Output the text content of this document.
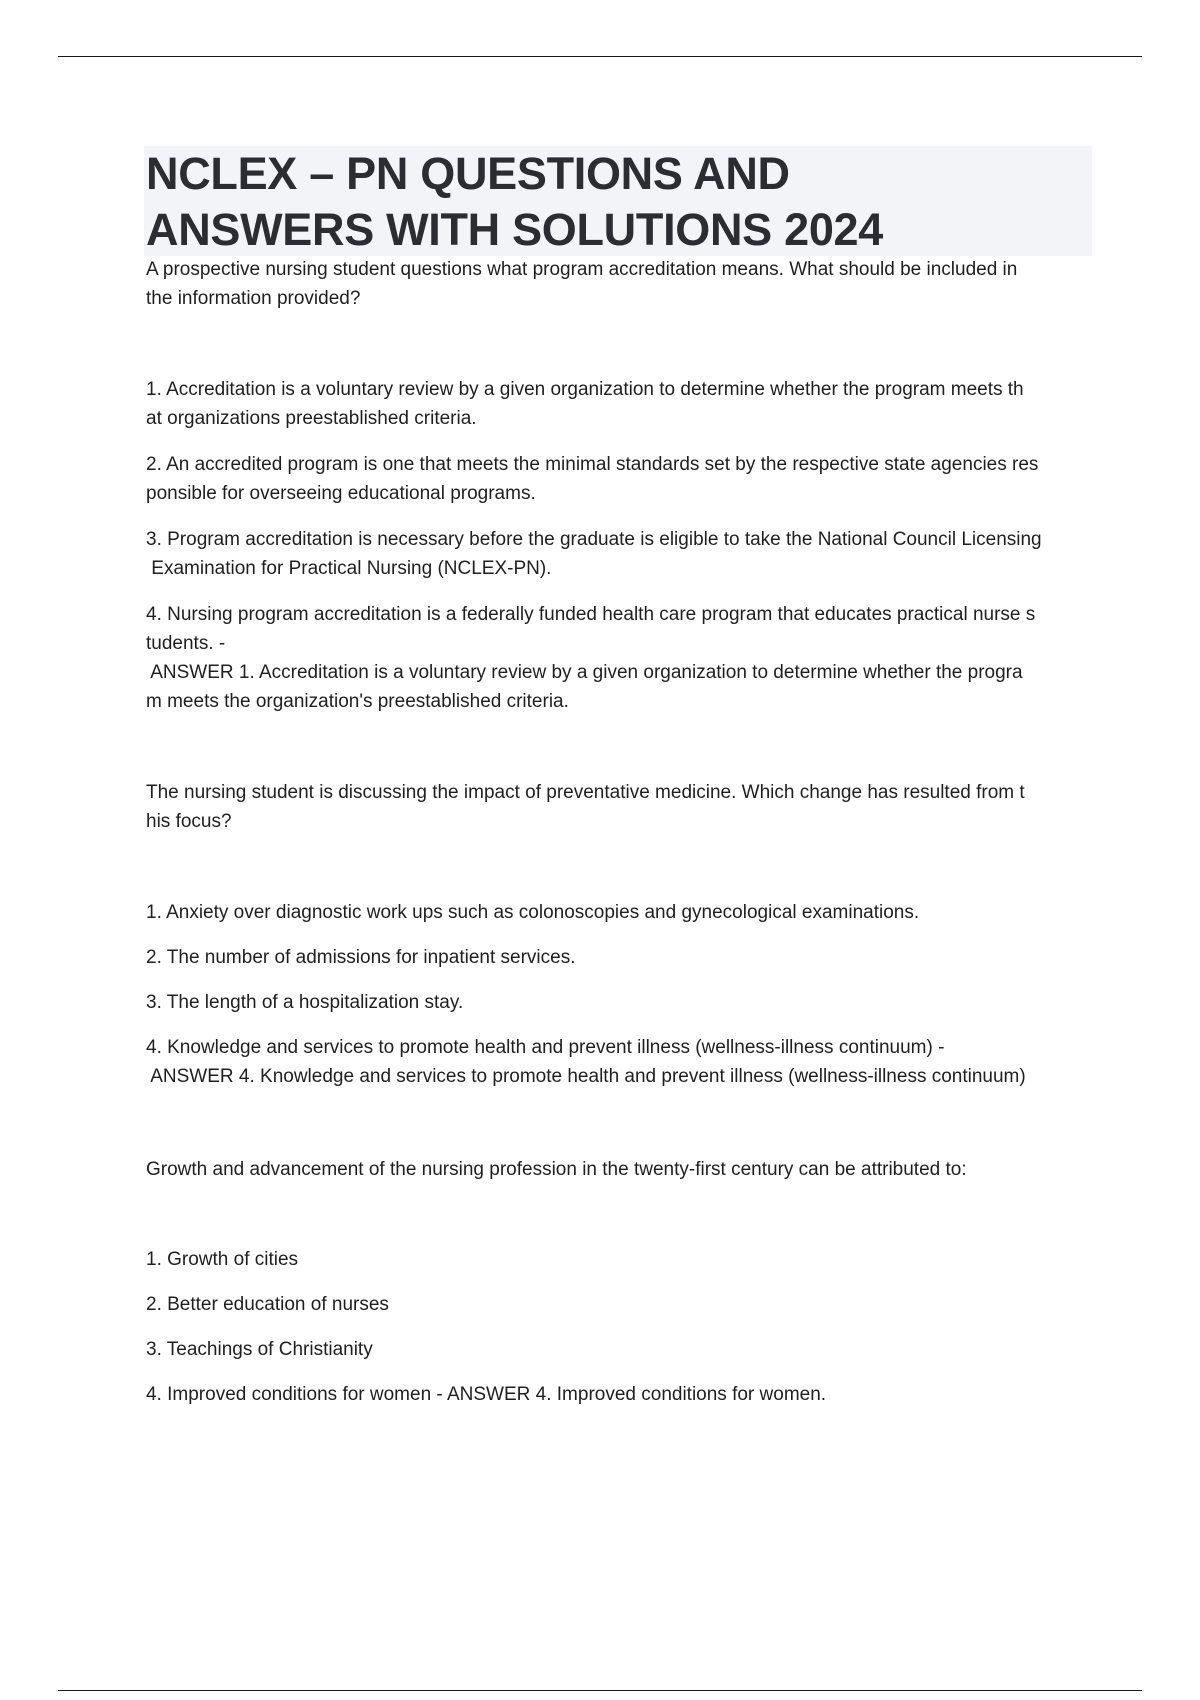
NCLEX – PN QUESTIONS AND
ANSWERS WITH SOLUTIONS 2024
A prospective nursing student questions what program accreditation means. What should be included in
the information provided?
1. Accreditation is a voluntary review by a given organization to determine whether the program meets th
at organizations preestablished criteria.
2. An accredited program is one that meets the minimal standards set by the respective state agencies res
ponsible for overseeing educational programs.
3. Program accreditation is necessary before the graduate is eligible to take the National Council Licensing
Examination for Practical Nursing (NCLEX-PN).
4. Nursing program accreditation is a federally funded health care program that educates practical nurse s
tudents. -
ANSWER 1. Accreditation is a voluntary review by a given organization to determine whether the progra
m meets the organization's preestablished criteria.
The nursing student is discussing the impact of preventative medicine. Which change has resulted from t
his focus?
1. Anxiety over diagnostic work ups such as colonoscopies and gynecological examinations.
2. The number of admissions for inpatient services.
3. The length of a hospitalization stay.
4. Knowledge and services to promote health and prevent illness (wellness-illness continuum) -
ANSWER 4. Knowledge and services to promote health and prevent illness (wellness-illness continuum)
Growth and advancement of the nursing profession in the twenty-first century can be attributed to:
1. Growth of cities
2. Better education of nurses
3. Teachings of Christianity
4. Improved conditions for women - ANSWER 4. Improved conditions for women.
